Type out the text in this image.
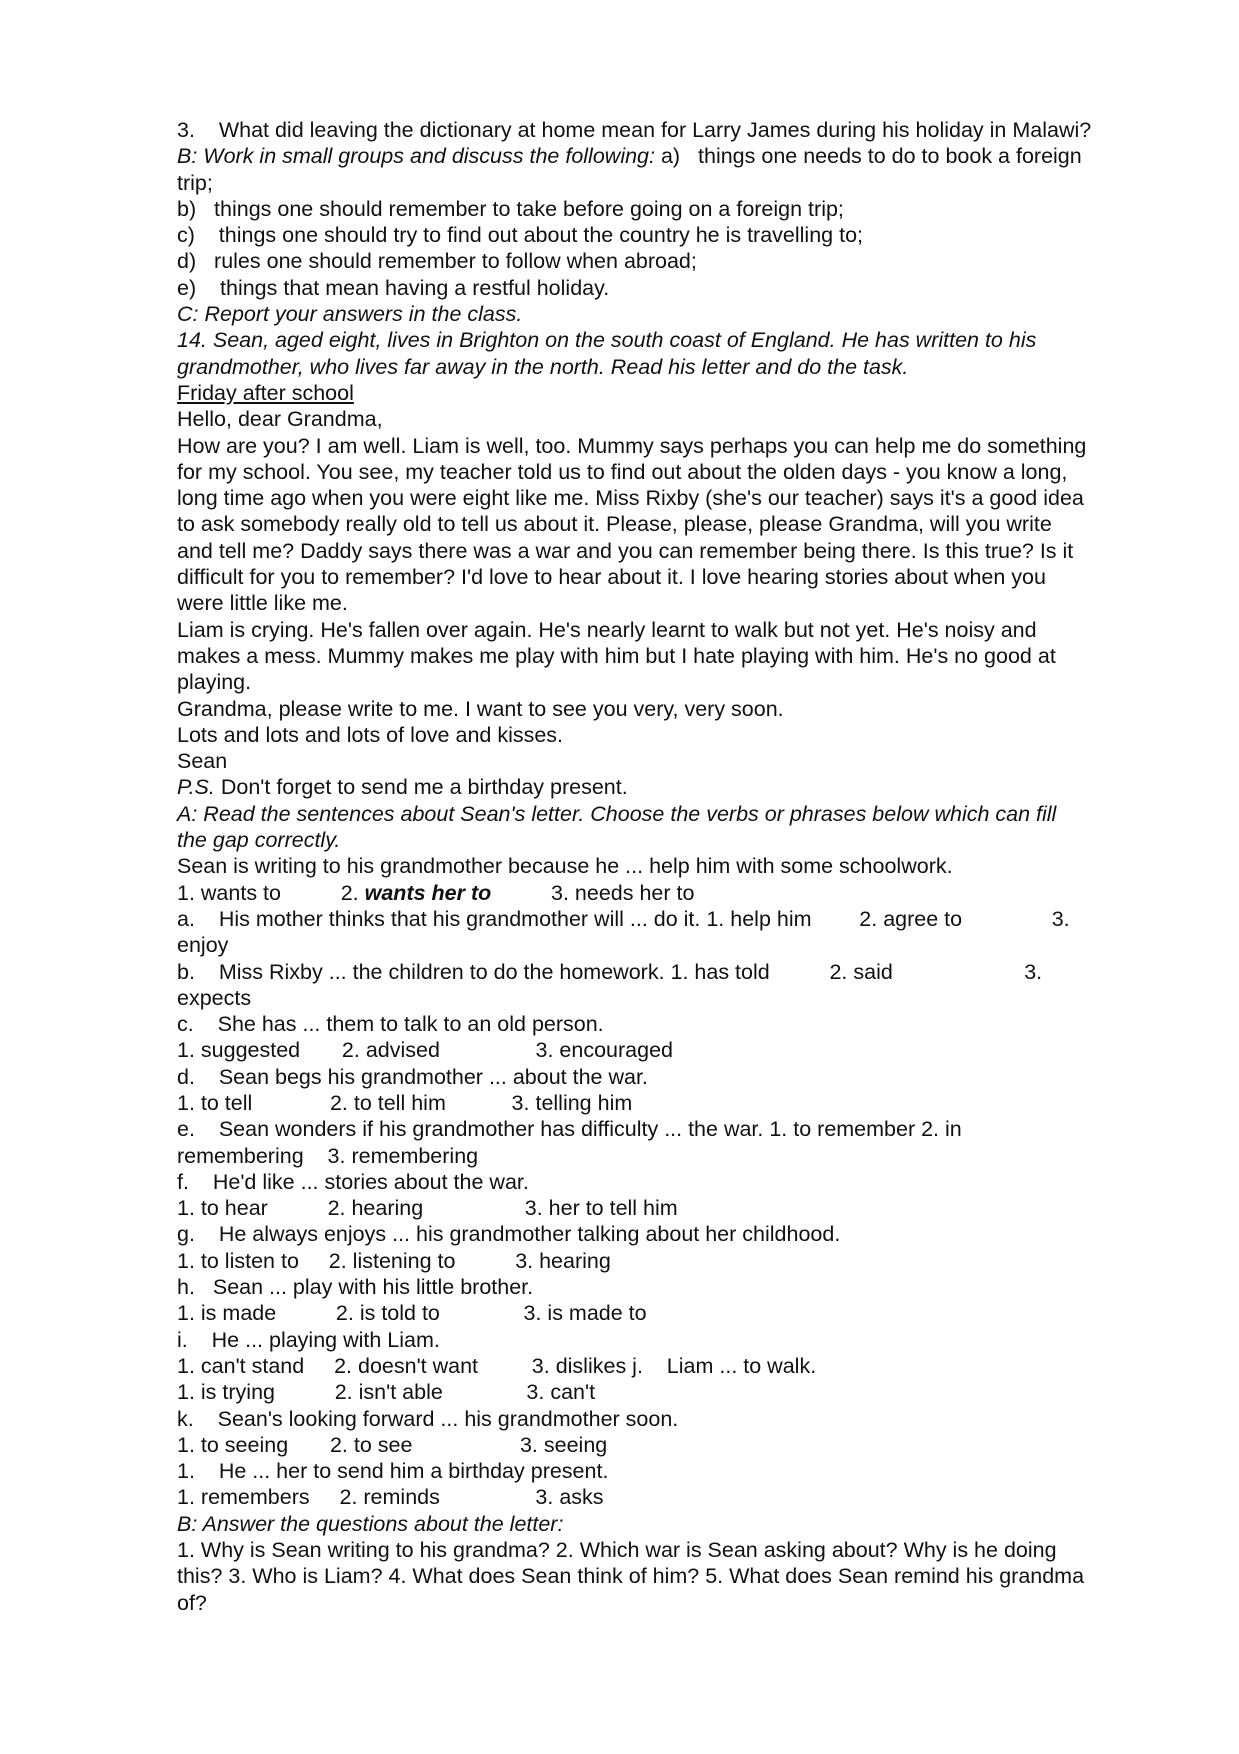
3.    What did leaving the dictionary at home mean for Larry James during his holiday in Malawi?
B: Work in small groups and discuss the following: a)   things one needs to do to book a foreign
trip;
b)   things one should remember to take before going on a foreign trip;
c)    things one should try to find out about the country he is travelling to;
d)   rules one should remember to follow when abroad;
e)    things that mean having a restful holiday.
C: Report your answers in the class.
14. Sean, aged eight, lives in Brighton on the south coast of England. He has written to his
grandmother, who lives far away in the north. Read his letter and do the task.
Friday after school
Hello, dear Grandma,
How are you? I am well. Liam is well, too. Mummy says perhaps you can help me do something
for my school. You see, my teacher told us to find out about the olden days - you know a long,
long time ago when you were eight like me. Miss Rixby (she's our teacher) says it's a good idea
to ask somebody really old to tell us about it. Please, please, please Grandma, will you write
and tell me? Daddy says there was a war and you can remember being there. Is this true? Is it
difficult for you to remember? I'd love to hear about it. I love hearing stories about when you
were little like me.
Liam is crying. He's fallen over again. He's nearly learnt to walk but not yet. He's noisy and
makes a mess. Mummy makes me play with him but I hate playing with him. He's no good at
playing.
Grandma, please write to me. I want to see you very, very soon.
Lots and lots and lots of love and kisses.
Sean
P.S. Don't forget to send me a birthday present.
A: Read the sentences about Sean's letter. Choose the verbs or phrases below which can fill
the gap correctly.
Sean is writing to his grandmother because he ... help him with some schoolwork.
1. wants to          2. wants her to          3. needs her to
a.    His mother thinks that his grandmother will ... do it. 1. help him        2. agree to               3.
enjoy
b.    Miss Rixby ... the children to do the homework. 1. has told          2. said                      3.
expects
c.    She has ... them to talk to an old person.
1. suggested       2. advised                3. encouraged
d.    Sean begs his grandmother ... about the war.
1. to tell             2. to tell him           3. telling him
e.    Sean wonders if his grandmother has difficulty ... the war. 1. to remember 2. in
remembering    3. remembering
f.    He'd like ... stories about the war.
1. to hear          2. hearing                 3. her to tell him
g.    He always enjoys ... his grandmother talking about her childhood.
1. to listen to     2. listening to          3. hearing
h.   Sean ... play with his little brother.
1. is made          2. is told to              3. is made to
i.    He ... playing with Liam.
1. can't stand     2. doesn't want         3. dislikes j.    Liam ... to walk.
1. is trying          2. isn't able              3. can't
k.    Sean's looking forward ... his grandmother soon.
1. to seeing       2. to see                  3. seeing
1.    He ... her to send him a birthday present.
1. remembers     2. reminds                3. asks
B: Answer the questions about the letter:
1. Why is Sean writing to his grandma? 2. Which war is Sean asking about? Why is he doing
this? 3. Who is Liam? 4. What does Sean think of him? 5. What does Sean remind his grandma
of?
